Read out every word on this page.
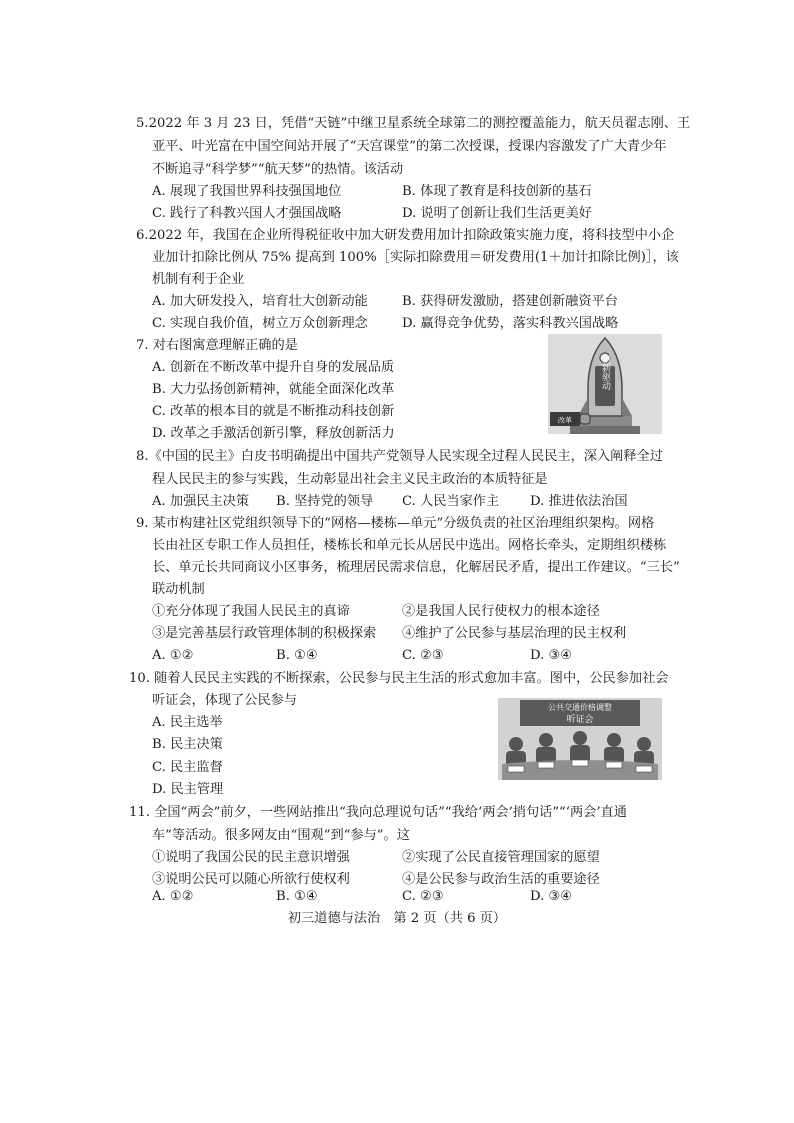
5.2022 年 3 月 23 日，凭借“天链”中继卫星系统全球第二的测控覆盖能力，航天员翟志刚、王
亚平、叶光富在中国空间站开展了“天宫课堂”的第二次授课，授课内容激发了广大青少年
不断追寻“科学梦”“航天梦”的热情。该活动
A. 展现了我国世界科技强国地位	B. 体现了教育是科技创新的基石
C. 践行了科教兴国人才强国战略	D. 说明了创新让我们生活更美好
6.2022 年，我国在企业所得税征收中加大研发费用加计扣除政策实施力度，将科技型中小企
业加计扣除比例从 75% 提高到 100%［实际扣除费用＝研发费用(1＋加计扣除比例)］，该
机制有利于企业
A. 加大研发投入，培育壮大创新动能	B. 获得研发激励，搭建创新融资平台
C. 实现自我价值，树立万众创新理念	D. 赢得竞争优势，落实科教兴国战略
7. 对右图寓意理解正确的是
A. 创新在不断改革中提升自身的发展品质
B. 大力弘扬创新精神，就能全面深化改革
C. 改革的根本目的就是不断推动科技创新
D. 改革之手激活创新引擎，释放创新活力
创新驱动
改革
8.《中国的民主》白皮书明确提出中国共产党领导人民实现全过程人民民主，深入阐释全过
程人民民主的参与实践，生动彰显出社会主义民主政治的本质特征是
A. 加强民主决策 B. 坚持党的领导 C. 人民当家作主 D. 推进依法治国
9. 某市构建社区党组织领导下的“网格—楼栋—单元”分级负责的社区治理组织架构。网格
长由社区专职工作人员担任，楼栋长和单元长从居民中选出。网格长牵头，定期组织楼栋
长、单元长共同商议小区事务，梳理居民需求信息，化解居民矛盾，提出工作建议。“三长”
联动机制
①充分体现了我国人民民主的真谛	②是我国人民行使权力的根本途径
③是完善基层行政管理体制的积极探索 ④维护了公民参与基层治理的民主权利
A. ①②	B. ①④	C. ②③	D. ③④
10. 随着人民民主实践的不断探索，公民参与民主生活的形式愈加丰富。图中，公民参加社会
听证会，体现了公民参与
A. 民主选举
B. 民主决策
C. 民主监督
D. 民主管理
公共交通价格调整
听证会
11. 全国“两会”前夕，一些网站推出“我向总理说句话”“我给‘两会’捎句话”“‘两会’直通
车”等活动。很多网友由“围观”到“参与”。这
①说明了我国公民的民主意识增强	②实现了公民直接管理国家的愿望
③说明公民可以随心所欲行使权利	④是公民参与政治生活的重要途径
A. ①②	B. ①④	C. ②③	D. ③④
初三道德与法治　第 2 页（共 6 页）
